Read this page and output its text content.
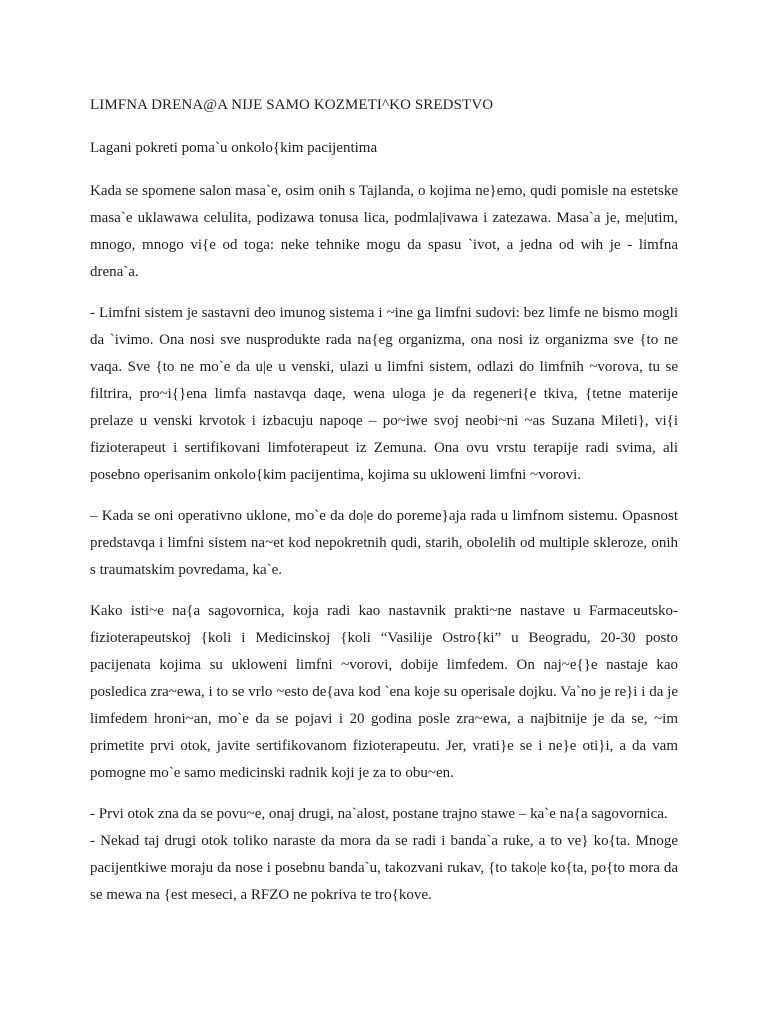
LIMFNA DRENA@A NIJE SAMO KOZMETI^KO SREDSTVO

Lagani pokreti poma`u onkolo{kim pacijentima

Kada se spomene salon masa`e, osim onih s Tajlanda, o kojima ne}emo, qudi pomisle na estetske masa`e uklawawa celulita, podizawa tonusa lica, podmla|ivawa i zatezawa. Masa`a je, me|utim, mnogo, mnogo vi{e od toga: neke tehnike mogu da spasu `ivot, a jedna od wih je - limfna drena`a.

- Limfni sistem je sastavni deo imunog sistema i ~ine ga limfni sudovi: bez limfe ne bismo mogli da `ivimo. Ona nosi sve nusprodukte rada na{eg organizma, ona nosi iz organizma sve {to ne vaqa. Sve {to ne mo`e da u|e u venski, ulazi u limfni sistem, odlazi do limfnih ~vorova, tu se filtrira, pro~i{}ena limfa nastavqa daqe, wena uloga je da regeneri{e tkiva, {tetne materije prelaze u venski krvotok i izbacuju napoqe – po~iwe svoj neobi~ni ~as Suzana Mileti}, vi{i fizioterapeut i sertifikovani limfoterapeut iz Zemuna. Ona ovu vrstu terapije radi svima, ali posebno operisanim onkolo{kim pacijentima, kojima su ukloweni limfni ~vorovi.

– Kada se oni operativno uklone, mo`e da do|e do poreme}aja rada u limfnom sistemu. Opasnost predstavqa i limfni sistem na~et kod nepokretnih qudi, starih, obolelih od multiple skleroze, onih s traumatskim povredama, ka`e.

Kako isti~e na{a sagovornica, koja radi kao nastavnik prakti~ne nastave u Farmaceutsko-fizioterapeutskoj {koli i Medicinskoj {koli “Vasilije Ostro{ki” u Beogradu, 20-30 posto pacijenata kojima su ukloweni limfni ~vorovi, dobije limfedem. On naj~e{}e nastaje kao posledica zra~ewa, i to se vrlo ~esto de{ava kod `ena koje su operisale dojku. Va`no je re}i i da je limfedem hroni~an, mo`e da se pojavi i 20 godina posle zra~ewa, a najbitnije je da se, ~im primetite prvi otok, javite sertifikovanom fizioterapeutu. Jer, vrati}e se i ne}e oti}i, a da vam pomogne mo`e samo medicinski radnik koji je za to obu~en.

- Prvi otok zna da se povu~e, onaj drugi, na`alost, postane trajno stawe – ka`e na{a sagovornica.

- Nekad taj drugi otok toliko naraste da mora da se radi i banda`a ruke, a to ve} ko{ta. Mnoge pacijentkiwe moraju da nose i posebnu banda`u, takozvani rukav, {to tako|e ko{ta, po{to mora da se mewa na {est meseci, a RFZO ne pokriva te tro{kove.
